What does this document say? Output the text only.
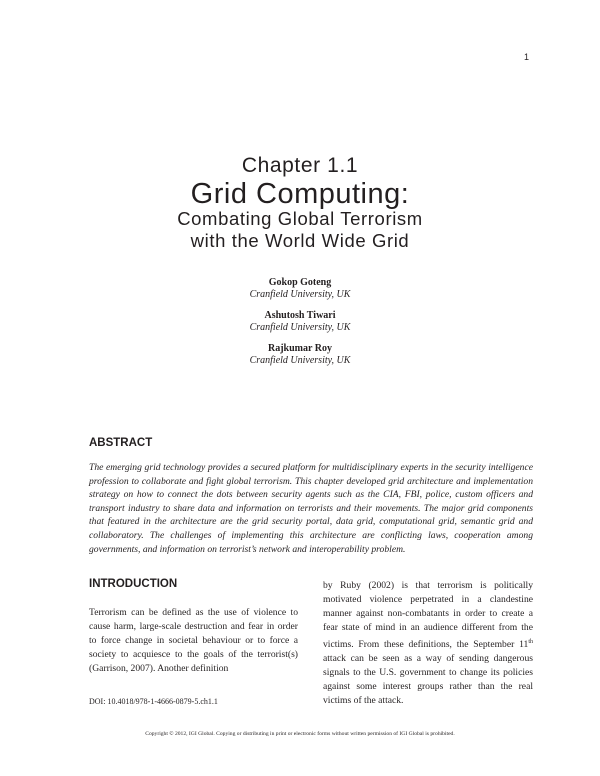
1
Chapter 1.1
Grid Computing:
Combating Global Terrorism
with the World Wide Grid
Gokop Goteng
Cranfield University, UK
Ashutosh Tiwari
Cranfield University, UK
Rajkumar Roy
Cranfield University, UK
ABSTRACT
The emerging grid technology provides a secured platform for multidisciplinary experts in the security intelligence profession to collaborate and fight global terrorism. This chapter developed grid architecture and implementation strategy on how to connect the dots between security agents such as the CIA, FBI, police, custom officers and transport industry to share data and information on terrorists and their movements. The major grid components that featured in the architecture are the grid security portal, data grid, computational grid, semantic grid and collaboratory. The challenges of implementing this architecture are conflicting laws, cooperation among governments, and information on terrorist’s network and interoperability problem.
INTRODUCTION
Terrorism can be defined as the use of violence to cause harm, large-scale destruction and fear in order to force change in societal behaviour or to force a society to acquiesce to the goals of the terrorist(s) (Garrison, 2007). Another definition
by Ruby (2002) is that terrorism is politically motivated violence perpetrated in a clandestine manner against non-combatants in order to create a fear state of mind in an audience different from the victims. From these definitions, the September 11th attack can be seen as a way of sending dangerous signals to the U.S. government to change its policies against some interest groups rather than the real victims of the attack.
DOI: 10.4018/978-1-4666-0879-5.ch1.1
Copyright © 2012, IGI Global. Copying or distributing in print or electronic forms without written permission of IGI Global is prohibited.
